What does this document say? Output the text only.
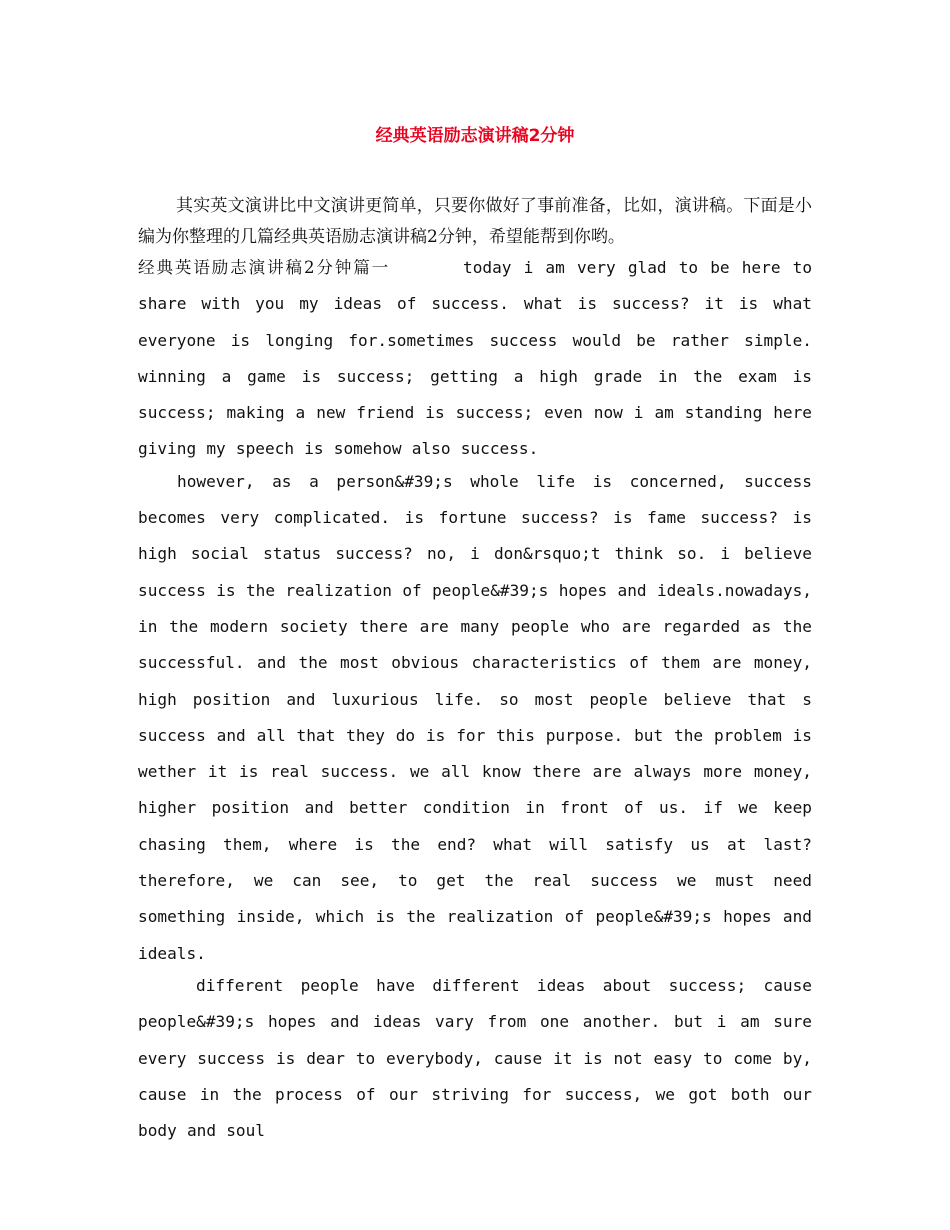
经典英语励志演讲稿2分钟

其实英文演讲比中文演讲更简单，只要你做好了事前准备，比如，演讲稿。下面是小编为你整理的几篇经典英语励志演讲稿2分钟，希望能帮到你哟。

经典英语励志演讲稿2分钟篇一	today i am very glad to be here to share with you my ideas of success. what is success? it is what everyone is longing for.sometimes success would be rather simple. winning a game is success; getting a high grade in the exam is success; making a new friend is success; even now i am standing here giving my speech is somehow also success.

however, as a person&#39;s whole life is concerned, success becomes very complicated. is fortune success? is fame success? is high social status success? no, i don&rsquo;t think so. i believe success is the realization of people&#39;s hopes and ideals.nowadays, in the modern society there are many people who are regarded as the successful. and the most obvious characteristics of them are money, high position and luxurious life. so most people believe that s success and all that they do is for this purpose. but the problem is wether it is real success. we all know there are always more money, higher position and better condition in front of us. if we keep chasing them, where is the end? what will satisfy us at last? therefore, we can see, to get the real success we must need something inside, which is the realization of people&#39;s hopes and ideals.

different people have different ideas about success; cause people&#39;s hopes and ideas vary from one another. but i am sure every success is dear to everybody, cause it is not easy to come by, cause in the process of our striving for success, we got both our body and soul
